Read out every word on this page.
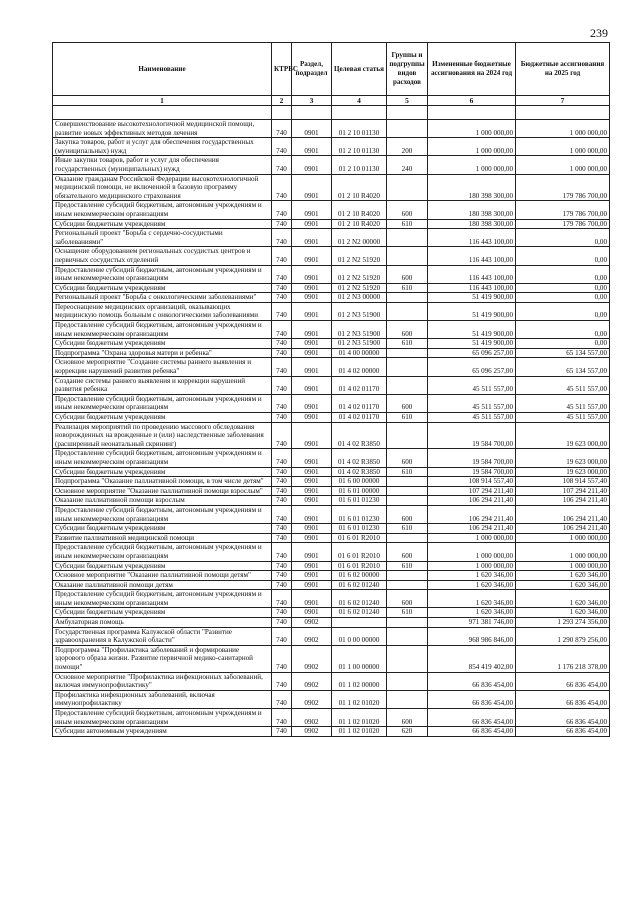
239
Наименование	КТРБС	Раздел, подраздел	Целевая статья	Группы и подгруппы видов расходов	Измененные бюджетные ассигнования на 2024 год	Бюджетные ассигнования на 2025 год
1	2	3	4	5	6	7

Совершенствование высокотехнологичной медицинской помощи, развитие новых эффективных методов лечения	740	0901	01 2 10 01130		1 000 000,00	1 000 000,00
Закупка товаров, работ и услуг для обеспечения государственных (муниципальных) нужд	740	0901	01 2 10 01130	200	1 000 000,00	1 000 000,00
Иные закупки товаров, работ и услуг для обеспечения государственных (муниципальных) нужд	740	0901	01 2 10 01130	240	1 000 000,00	1 000 000,00
Оказание гражданам Российской Федерации высокотехнологичной медицинской помощи, не включенной в базовую программу обязательного медицинского страхования	740	0901	01 2 10 R4020		180 398 300,00	179 786 700,00
Предоставление субсидий бюджетным, автономным учреждениям и иным некоммерческим организациям	740	0901	01 2 10 R4020	600	180 398 300,00	179 786 700,00
Субсидии бюджетным учреждениям	740	0901	01 2 10 R4020	610	180 398 300,00	179 786 700,00
Региональный проект "Борьба с сердечно-сосудистыми заболеваниями"	740	0901	01 2 N2 00000		116 443 100,00	0,00
Оснащение оборудованием региональных сосудистых центров и первичных сосудистых отделений	740	0901	01 2 N2 51920		116 443 100,00	0,00
Предоставление субсидий бюджетным, автономным учреждениям и иным некоммерческим организациям	740	0901	01 2 N2 51920	600	116 443 100,00	0,00
Субсидии бюджетным учреждениям	740	0901	01 2 N2 51920	610	116 443 100,00	0,00
Региональный проект "Борьба с онкологическими заболеваниями"	740	0901	01 2 N3 00000		51 419 900,00	0,00
Переоснащение медицинских организаций, оказывающих медицинскую помощь больным с онкологическими заболеваниями	740	0901	01 2 N3 51900		51 419 900,00	0,00
Предоставление субсидий бюджетным, автономным учреждениям и иным некоммерческим организациям	740	0901	01 2 N3 51900	600	51 419 900,00	0,00
Субсидии бюджетным учреждениям	740	0901	01 2 N3 51900	610	51 419 900,00	0,00
Подпрограмма "Охрана здоровья матери и ребенка"	740	0901	01 4 00 00000		65 096 257,00	65 134 557,00
Основное мероприятие "Создание системы раннего выявления и коррекции нарушений развития ребенка"	740	0901	01 4 02 00000		65 096 257,00	65 134 557,00
Создание системы раннего выявления и коррекции нарушений развития ребенка	740	0901	01 4 02 01170		45 511 557,00	45 511 557,00
Предоставление субсидий бюджетным, автономным учреждениям и иным некоммерческим организациям	740	0901	01 4 02 01170	600	45 511 557,00	45 511 557,00
Субсидии бюджетным учреждениям	740	0901	01 4 02 01170	610	45 511 557,00	45 511 557,00
Реализация мероприятий по проведению массового обследования новорожденных на врожденные и (или) наследственные заболевания (расширенный неонатальный скрининг)	740	0901	01 4 02 R3850		19 584 700,00	19 623 000,00
Предоставление субсидий бюджетным, автономным учреждениям и иным некоммерческим организациям	740	0901	01 4 02 R3850	600	19 584 700,00	19 623 000,00
Субсидии бюджетным учреждениям	740	0901	01 4 02 R3850	610	19 584 700,00	19 623 000,00
Подпрограмма "Оказание паллиативной помощи, в том числе детям"	740	0901	01 6 00 00000		108 914 557,40	108 914 557,40
Основное мероприятие "Оказание паллиативной помощи взрослым"	740	0901	01 6 01 00000		107 294 211,40	107 294 211,40
Оказание паллиативной помощи взрослым	740	0901	01 6 01 01230		106 294 211,40	106 294 211,40
Предоставление субсидий бюджетным, автономным учреждениям и иным некоммерческим организациям	740	0901	01 6 01 01230	600	106 294 211,40	106 294 211,40
Субсидии бюджетным учреждениям	740	0901	01 6 01 01230	610	106 294 211,40	106 294 211,40
Развитие паллиативной медицинской помощи	740	0901	01 6 01 R2010		1 000 000,00	1 000 000,00
Предоставление субсидий бюджетным, автономным учреждениям и иным некоммерческим организациям	740	0901	01 6 01 R2010	600	1 000 000,00	1 000 000,00
Субсидии бюджетным учреждениям	740	0901	01 6 01 R2010	610	1 000 000,00	1 000 000,00
Основное мероприятие "Оказание паллиативной помощи детям"	740	0901	01 6 02 00000		1 620 346,00	1 620 346,00
Оказание паллиативной помощи детям	740	0901	01 6 02 01240		1 620 346,00	1 620 346,00
Предоставление субсидий бюджетным, автономным учреждениям и иным некоммерческим организациям	740	0901	01 6 02 01240	600	1 620 346,00	1 620 346,00
Субсидии бюджетным учреждениям	740	0901	01 6 02 01240	610	1 620 346,00	1 620 346,00
Амбулаторная помощь	740	0902			971 381 746,00	1 293 274 356,00
Государственная программа Калужской области "Развитие здравоохранения в Калужской области"	740	0902	01 0 00 00000		968 986 846,00	1 290 879 256,00
Подпрограмма "Профилактика заболеваний и формирование здорового образа жизни. Развитие первичной медико-санитарной помощи"	740	0902	01 1 00 00000		854 419 402,00	1 176 218 378,00
Основное мероприятие "Профилактика инфекционных заболеваний, включая иммунопрофилактику"	740	0902	01 1 02 00000		66 836 454,00	66 836 454,00
Профилактика инфекционных заболеваний, включая иммунопрофилактику	740	0902	01 1 02 01020		66 836 454,00	66 836 454,00
Предоставление субсидий бюджетным, автономным учреждениям и иным некоммерческим организациям	740	0902	01 1 02 01020	600	66 836 454,00	66 836 454,00
Субсидии автономным учреждениям	740	0902	01 1 02 01020	620	66 836 454,00	66 836 454,00
